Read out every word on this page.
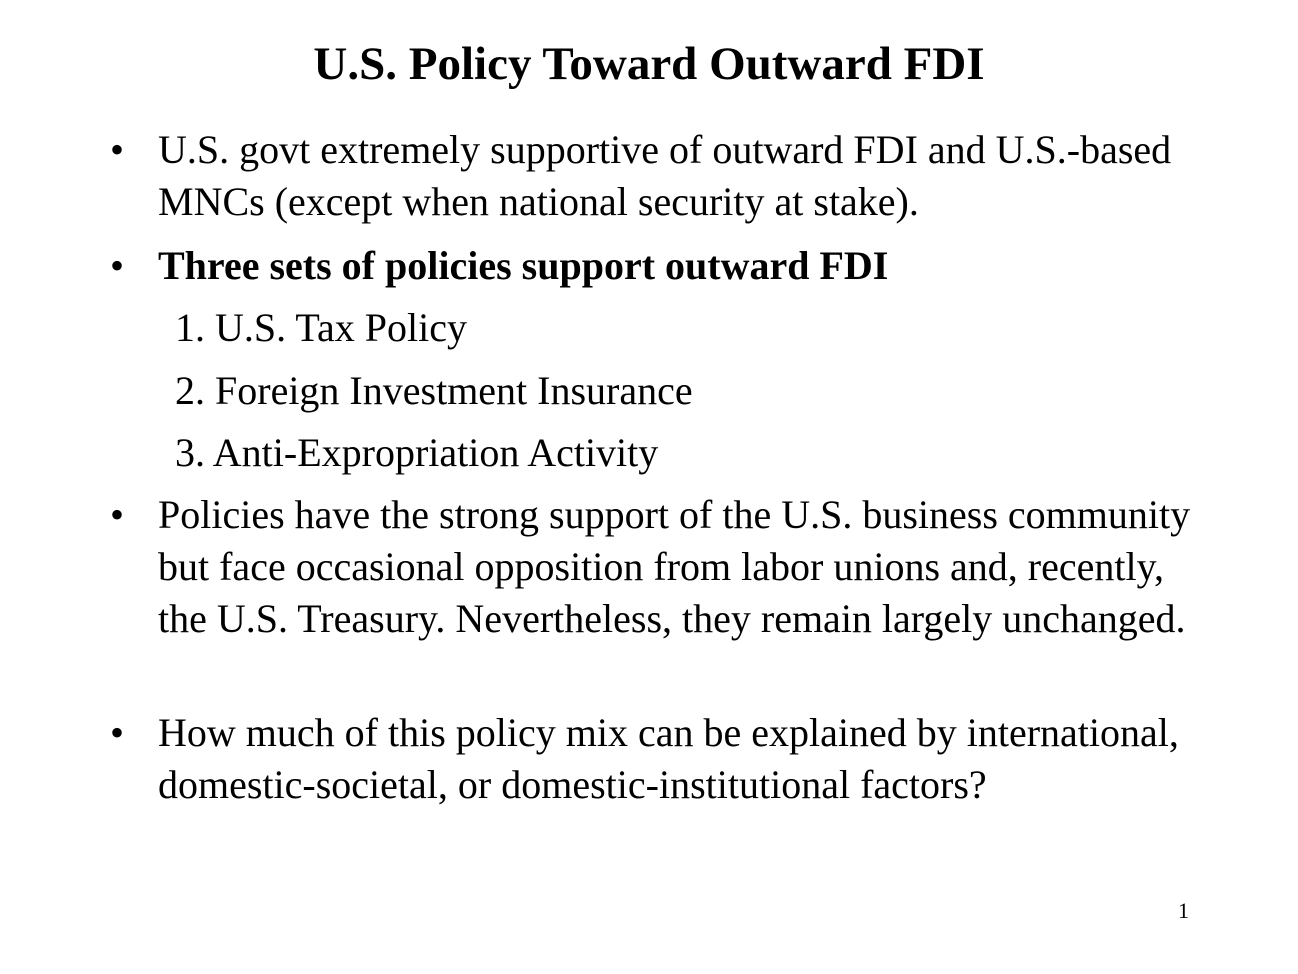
U.S. Policy Toward Outward FDI
• U.S. govt extremely supportive of outward FDI and U.S.-based MNCs (except when national security at stake).
• Three sets of policies support outward FDI
1. U.S. Tax Policy
2. Foreign Investment Insurance
3. Anti-Expropriation Activity
• Policies have the strong support of the U.S. business community but face occasional opposition from labor unions and, recently, the U.S. Treasury. Nevertheless, they remain largely unchanged.
• How much of this policy mix can be explained by international, domestic-societal, or domestic-institutional factors?
1
